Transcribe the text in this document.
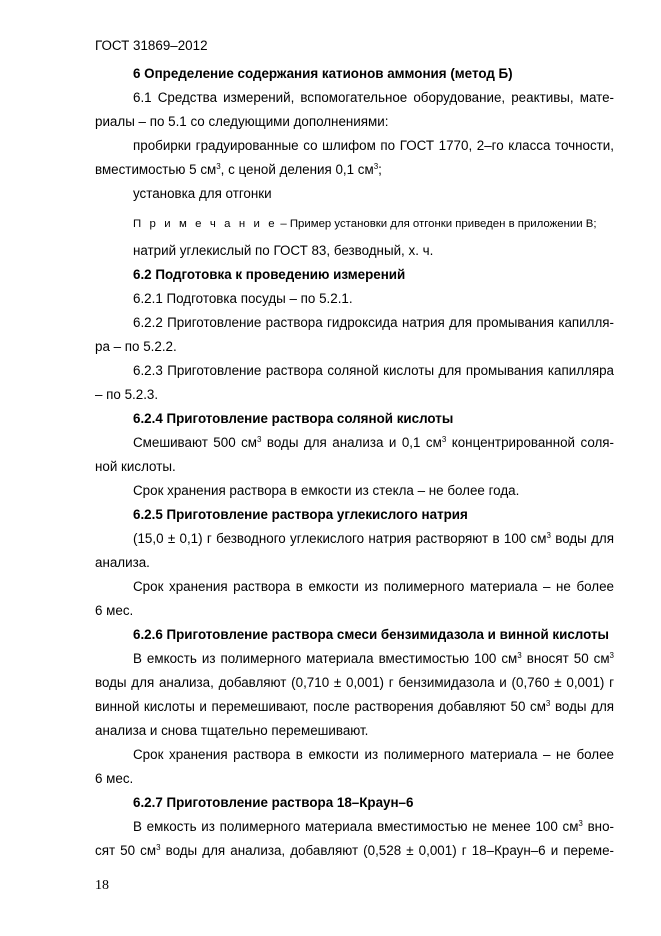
ГОСТ 31869–2012

6 Определение содержания катионов аммония (метод Б)

6.1 Средства измерений, вспомогательное оборудование, реактивы, мате-

риалы – по 5.1 со следующими дополнениями:

пробирки градуированные со шлифом по ГОСТ 1770, 2–го класса точности,

вместимостью 5 $см^3$, с ценой деления 0,1 $см^3$;

установка для отгонки

П р и м е ч а н и е – Пример установки для отгонки приведен в приложении В;

натрий углекислый по ГОСТ 83, безводный, х. ч.

6.2 Подготовка к проведению измерений

6.2.1 Подготовка посуды – по 5.2.1.

6.2.2 Приготовление раствора гидроксида натрия для промывания капилля-

ра – по 5.2.2.

6.2.3 Приготовление раствора соляной кислоты для промывания капилляра

– по 5.2.3.

6.2.4 Приготовление раствора соляной кислоты

Смешивают 500 $см^3$ воды для анализа и 0,1 $см^3$ концентрированной соля-

ной кислоты.

Срок хранения раствора в емкости из стекла – не более года.

6.2.5 Приготовление раствора углекислого натрия

(15,0 ± 0,1) г безводного углекислого натрия растворяют в 100 $см^3$ воды для

анализа.

Срок хранения раствора в емкости из полимерного материала – не более

6 мес.

6.2.6 Приготовление раствора смеси бензимидазола и винной кислоты

В емкость из полимерного материала вместимостью 100 $см^3$ вносят 50 $см^3$

воды для анализа, добавляют (0,710 ± 0,001) г бензимидазола и (0,760 ± 0,001) г

винной кислоты и перемешивают, после растворения добавляют 50 $см^3$ воды для

анализа и снова тщательно перемешивают.

Срок хранения раствора в емкости из полимерного материала – не более

6 мес.

6.2.7 Приготовление раствора 18–Краун–6

В емкость из полимерного материала вместимостью не менее 100 $см^3$ вно-

сят 50 $см^3$ воды для анализа, добавляют (0,528 ± 0,001) г 18–Краун–6 и переме-

18
